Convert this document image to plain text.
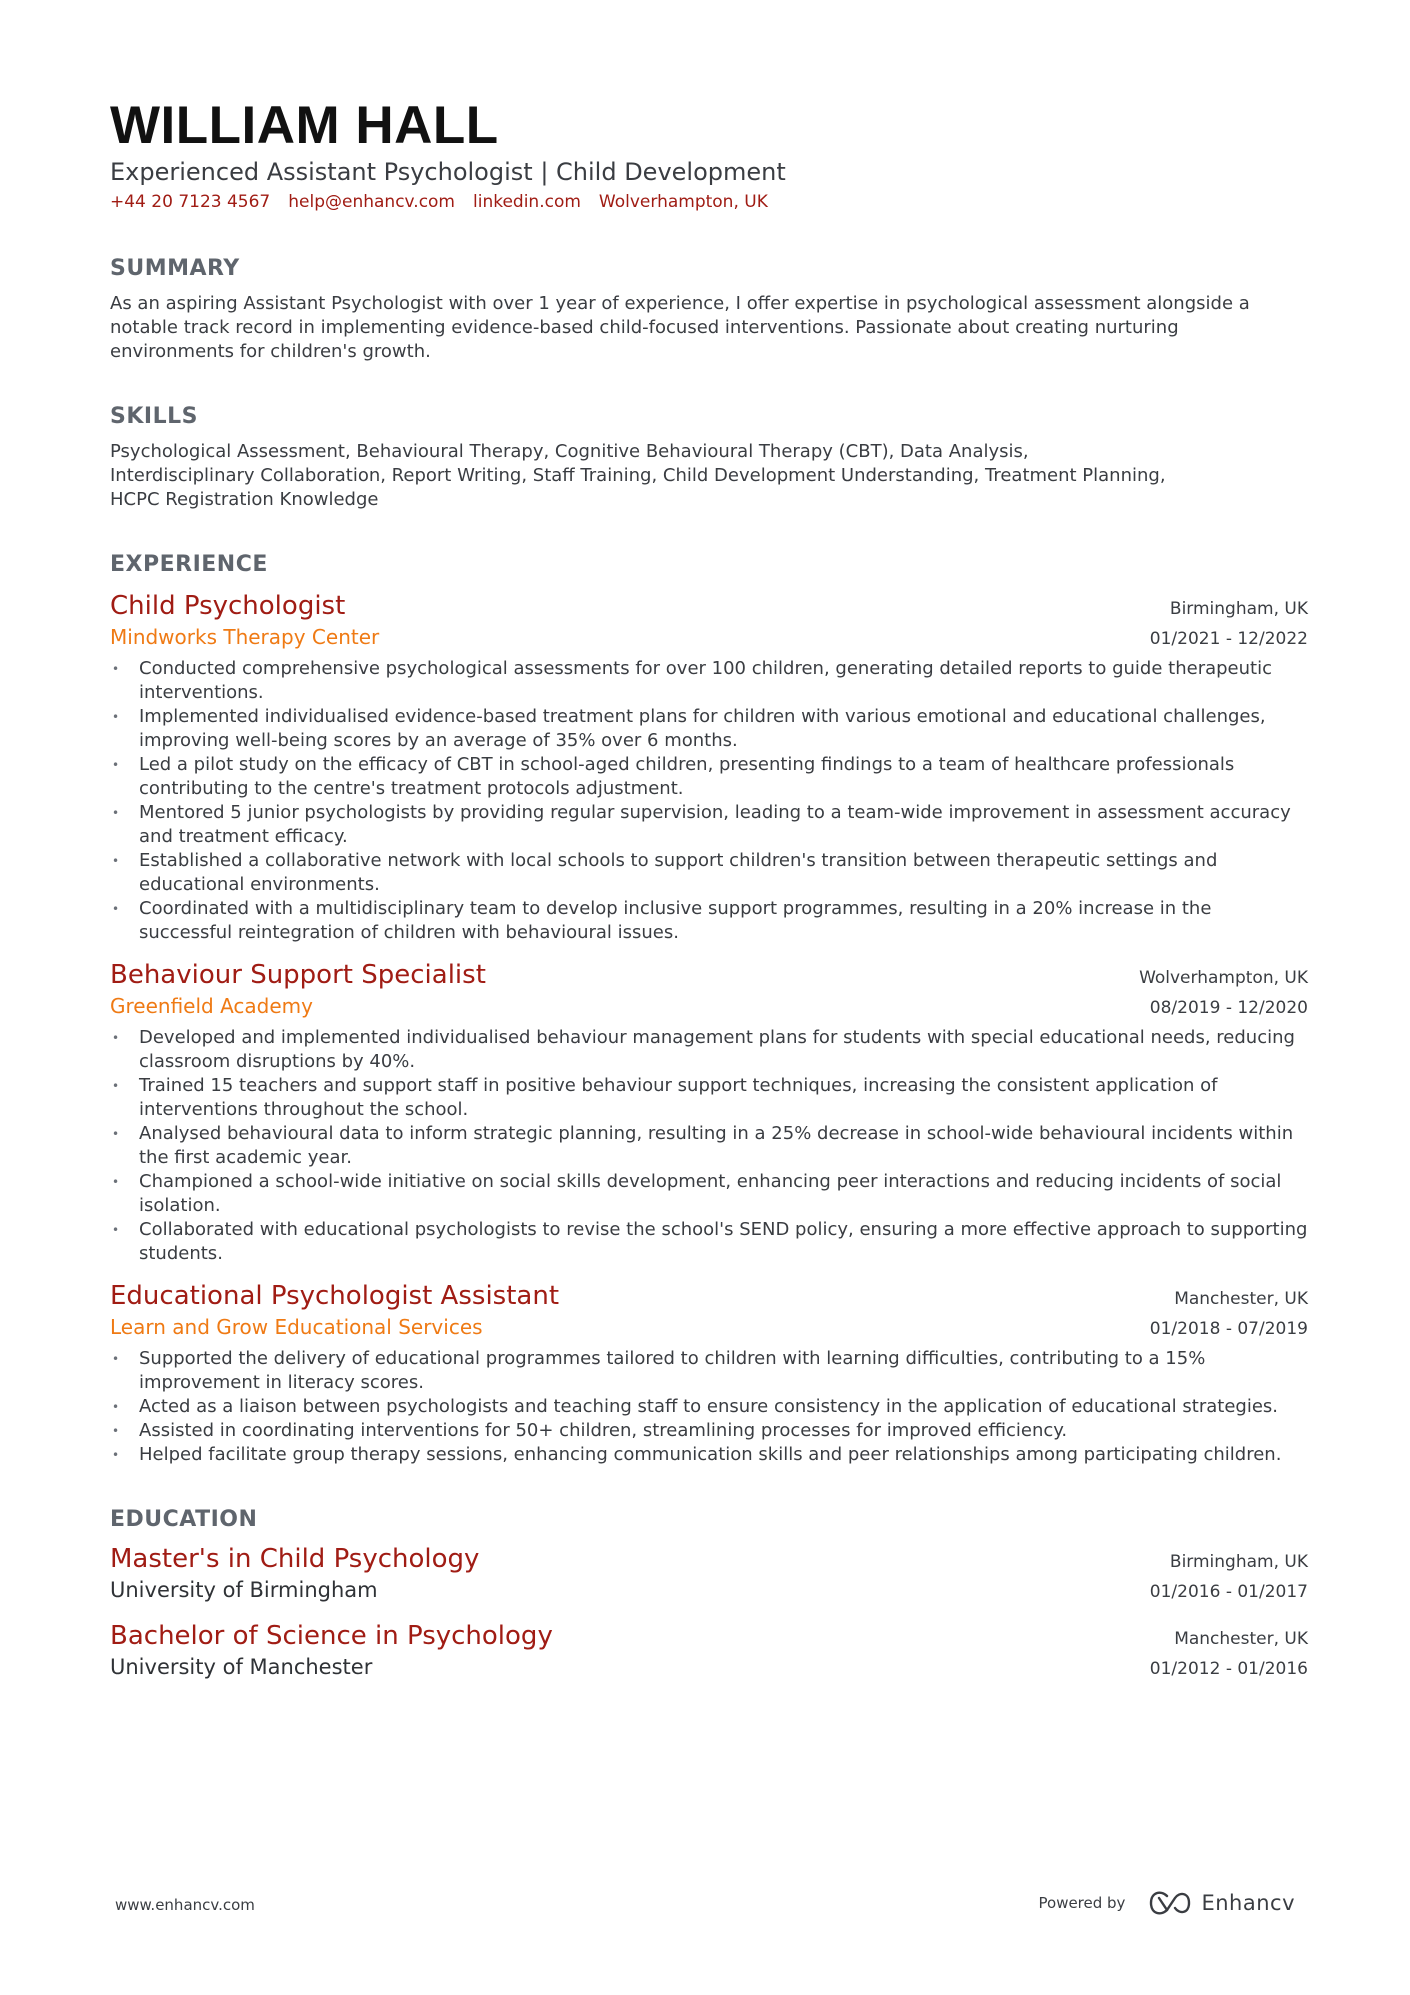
WILLIAM HALL
Experienced Assistant Psychologist | Child Development
+44 20 7123 4567 help@enhancv.com linkedin.com Wolverhampton, UK
SUMMARY
As an aspiring Assistant Psychologist with over 1 year of experience, I offer expertise in psychological assessment alongside a notable track record in implementing evidence-based child-focused interventions. Passionate about creating nurturing environments for children's growth.
SKILLS
Psychological Assessment, Behavioural Therapy, Cognitive Behavioural Therapy (CBT), Data Analysis,
Interdisciplinary Collaboration, Report Writing, Staff Training, Child Development Understanding, Treatment Planning,
HCPC Registration Knowledge
EXPERIENCE
Child Psychologist	Birmingham, UK
Mindworks Therapy Center	01/2021 - 12/2022
• Conducted comprehensive psychological assessments for over 100 children, generating detailed reports to guide therapeutic interventions.
• Implemented individualised evidence-based treatment plans for children with various emotional and educational challenges, improving well-being scores by an average of 35% over 6 months.
• Led a pilot study on the efficacy of CBT in school-aged children, presenting findings to a team of healthcare professionals contributing to the centre's treatment protocols adjustment.
• Mentored 5 junior psychologists by providing regular supervision, leading to a team-wide improvement in assessment accuracy and treatment efficacy.
• Established a collaborative network with local schools to support children's transition between therapeutic settings and educational environments.
• Coordinated with a multidisciplinary team to develop inclusive support programmes, resulting in a 20% increase in the successful reintegration of children with behavioural issues.
Behaviour Support Specialist	Wolverhampton, UK
Greenfield Academy	08/2019 - 12/2020
• Developed and implemented individualised behaviour management plans for students with special educational needs, reducing classroom disruptions by 40%.
• Trained 15 teachers and support staff in positive behaviour support techniques, increasing the consistent application of interventions throughout the school.
• Analysed behavioural data to inform strategic planning, resulting in a 25% decrease in school-wide behavioural incidents within the first academic year.
• Championed a school-wide initiative on social skills development, enhancing peer interactions and reducing incidents of social isolation.
• Collaborated with educational psychologists to revise the school's SEND policy, ensuring a more effective approach to supporting students.
Educational Psychologist Assistant	Manchester, UK
Learn and Grow Educational Services	01/2018 - 07/2019
• Supported the delivery of educational programmes tailored to children with learning difficulties, contributing to a 15% improvement in literacy scores.
• Acted as a liaison between psychologists and teaching staff to ensure consistency in the application of educational strategies.
• Assisted in coordinating interventions for 50+ children, streamlining processes for improved efficiency.
• Helped facilitate group therapy sessions, enhancing communication skills and peer relationships among participating children.
EDUCATION
Master's in Child Psychology	Birmingham, UK
University of Birmingham	01/2016 - 01/2017
Bachelor of Science in Psychology	Manchester, UK
University of Manchester	01/2012 - 01/2016
www.enhancv.com	Powered by	Enhancv
